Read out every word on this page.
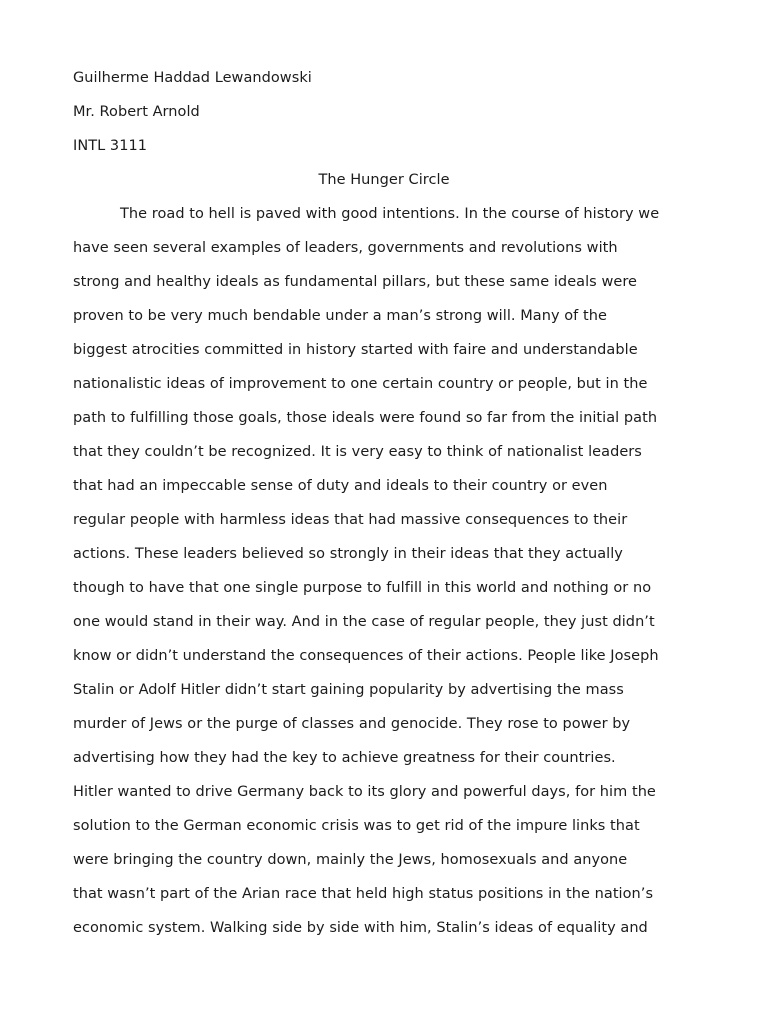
Guilherme Haddad Lewandowski
Mr. Robert Arnold
INTL 3111
The Hunger Circle
The road to hell is paved with good intentions. In the course of history we
have seen several examples of leaders, governments and revolutions with
strong and healthy ideals as fundamental pillars, but these same ideals were
proven to be very much bendable under a man’s strong will. Many of the
biggest atrocities committed in history started with faire and understandable
nationalistic ideas of improvement to one certain country or people, but in the
path to fulfilling those goals, those ideals were found so far from the initial path
that they couldn’t be recognized. It is very easy to think of nationalist leaders
that had an impeccable sense of duty and ideals to their country or even
regular people with harmless ideas that had massive consequences to their
actions. These leaders believed so strongly in their ideas that they actually
though to have that one single purpose to fulfill in this world and nothing or no
one would stand in their way. And in the case of regular people, they just didn’t
know or didn’t understand the consequences of their actions. People like Joseph
Stalin or Adolf Hitler didn’t start gaining popularity by advertising the mass
murder of Jews or the purge of classes and genocide. They rose to power by
advertising how they had the key to achieve greatness for their countries.
Hitler wanted to drive Germany back to its glory and powerful days, for him the
solution to the German economic crisis was to get rid of the impure links that
were bringing the country down, mainly the Jews, homosexuals and anyone
that wasn’t part of the Arian race that held high status positions in the nation’s
economic system. Walking side by side with him, Stalin’s ideas of equality and
